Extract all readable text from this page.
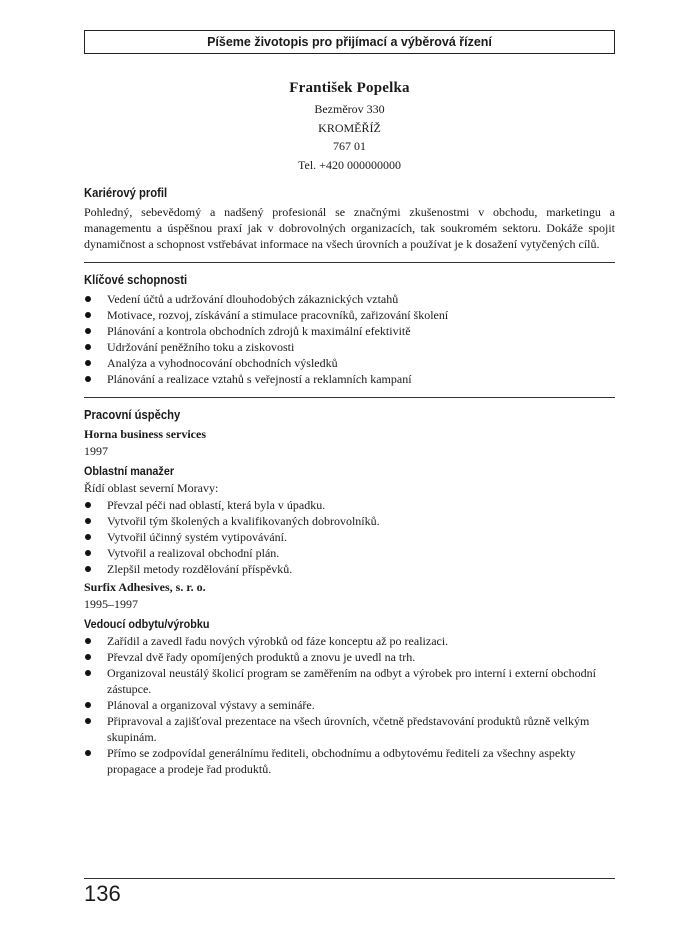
Píšeme životopis pro přijímací a výběrová řízení
František Popelka
Bezměrov 330
KROMĚŘÍŽ
767 01
Tel. +420 000000000
Kariérový profil

Pohledný, sebevědomý a nadšený profesionál se značnými zkušenostmi v obchodu, marketingu a managementu a úspěšnou praxí jak v dobrovolných organizacích, tak soukromém sektoru. Dokáže spojit dynamičnost a schopnost vstřebávat informace na všech úrovních a používat je k dosažení vytyčených cílů.

Klíčové schopnosti
Vedení účtů a udržování dlouhodobých zákaznických vztahů
Motivace, rozvoj, získávání a stimulace pracovníků, zařizování školení
Plánování a kontrola obchodních zdrojů k maximální efektivitě
Udržování peněžního toku a ziskovosti
Analýza a vyhodnocování obchodních výsledků
Plánování a realizace vztahů s veřejností a reklamních kampaní
Pracovní úspěchy
Horna business services
1997
Oblastní manažer
Řídí oblast severní Moravy:
Převzal péči nad oblastí, která byla v úpadku.
Vytvořil tým školených a kvalifikovaných dobrovolníků.
Vytvořil účinný systém vytipovávání.
Vytvořil a realizoval obchodní plán.
Zlepšil metody rozdělování příspěvků.
Surfix Adhesives, s. r. o.
1995–1997
Vedoucí odbytu/výrobku
Zařídil a zavedl řadu nových výrobků od fáze konceptu až po realizaci.
Převzal dvě řady opomíjených produktů a znovu je uvedl na trh.
Organizoval neustálý školicí program se zaměřením na odbyt a výrobek pro interní i externí obchodní zástupce.
Plánoval a organizoval výstavy a semináře.
Připravoval a zajišťoval prezentace na všech úrovních, včetně představování produktů různě velkým skupinám.
Přímo se zodpovídal generálnímu řediteli, obchodnímu a odbytovému řediteli za všechny aspekty propagace a prodeje řad produktů.
136
